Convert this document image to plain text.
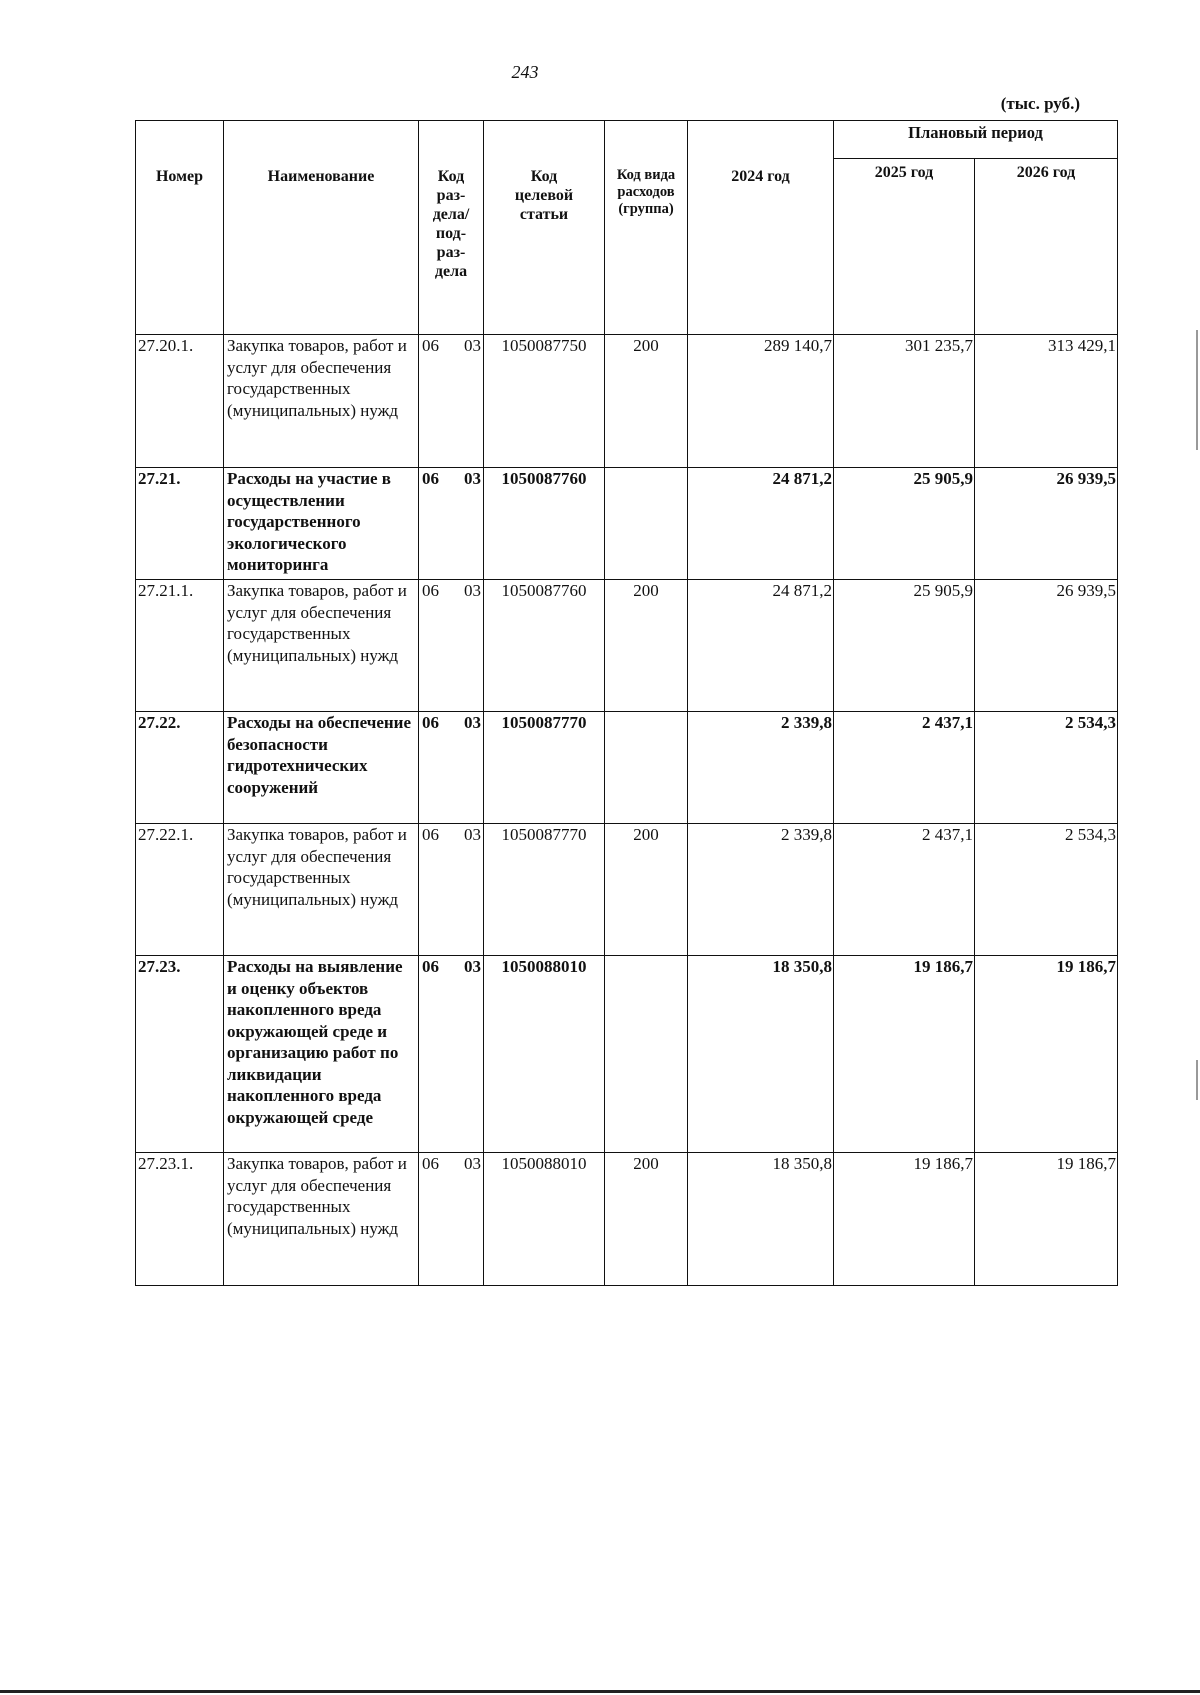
243
(тыс. руб.)
Номер	Наименование	Код раз-дела/ под-раз-дела	Код целевой статьи	Код вида расходов (группа)	2024 год	Плановый период	
						2025 год	2026 год
27.20.1.	Закупка товаров, работ и услуг для обеспечения государственных (муниципальных) нужд	06 03	1050087750	200	289 140,7	301 235,7	313 429,1
27.21.	Расходы на участие в осуществлении государственного экологического мониторинга	06 03	1050087760		24 871,2	25 905,9	26 939,5
27.21.1.	Закупка товаров, работ и услуг для обеспечения государственных (муниципальных) нужд	06 03	1050087760	200	24 871,2	25 905,9	26 939,5
27.22.	Расходы на обеспечение безопасности гидротехнических сооружений	06 03	1050087770		2 339,8	2 437,1	2 534,3
27.22.1.	Закупка товаров, работ и услуг для обеспечения государственных (муниципальных) нужд	06 03	1050087770	200	2 339,8	2 437,1	2 534,3
27.23.	Расходы на выявление и оценку объектов накопленного вреда окружающей среде и организацию работ по ликвидации накопленного вреда окружающей среде	06 03	1050088010		18 350,8	19 186,7	19 186,7
27.23.1.	Закупка товаров, работ и услуг для обеспечения государственных (муниципальных) нужд	06 03	1050088010	200	18 350,8	19 186,7	19 186,7
